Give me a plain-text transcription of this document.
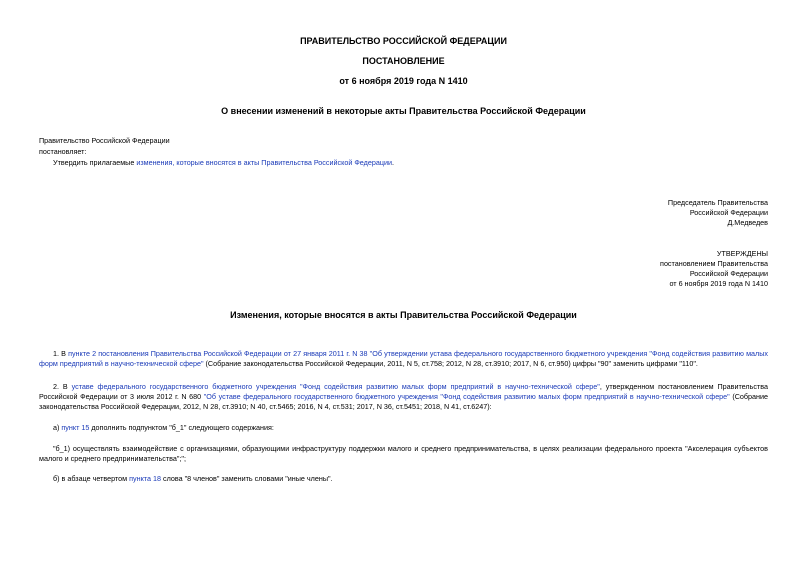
ПРАВИТЕЛЬСТВО РОССИЙСКОЙ ФЕДЕРАЦИИ
ПОСТАНОВЛЕНИЕ
от 6 ноября 2019 года N 1410
О внесении изменений в некоторые акты Правительства Российской Федерации
Правительство Российской Федерации
постановляет:
Утвердить прилагаемые изменения, которые вносятся в акты Правительства Российской Федерации.
Председатель Правительства
Российской Федерации
Д.Медведев
УТВЕРЖДЕНЫ
постановлением Правительства
Российской Федерации
от 6 ноября 2019 года N 1410
Изменения, которые вносятся в акты Правительства Российской Федерации
1. В пункте 2 постановления Правительства Российской Федерации от 27 января 2011 г. N 38 "Об утверждении устава федерального государственного бюджетного учреждения "Фонд содействия развитию малых форм предприятий в научно-технической сфере" (Собрание законодательства Российской Федерации, 2011, N 5, ст.758; 2012, N 28, ст.3910; 2017, N 6, ст.950) цифры "90" заменить цифрами "110".
2. В уставе федерального государственного бюджетного учреждения "Фонд содействия развитию малых форм предприятий в научно-технической сфере", утвержденном постановлением Правительства Российской Федерации от 3 июля 2012 г. N 680 "Об уставе федерального государственного бюджетного учреждения "Фонд содействия развитию малых форм предприятий в научно-технической сфере" (Собрание законодательства Российской Федерации, 2012, N 28, ст.3910; N 40, ст.5465; 2016, N 4, ст.531; 2017, N 36, ст.5451; 2018, N 41, ст.6247):
а) пункт 15 дополнить подпунктом "б_1" следующего содержания:
"б_1) осуществлять взаимодействие с организациями, образующими инфраструктуру поддержки малого и среднего предпринимательства, в целях реализации федерального проекта "Акселерация субъектов малого и среднего предпринимательства";";
б) в абзаце четвертом пункта 18 слова "8 членов" заменить словами "иные члены".
